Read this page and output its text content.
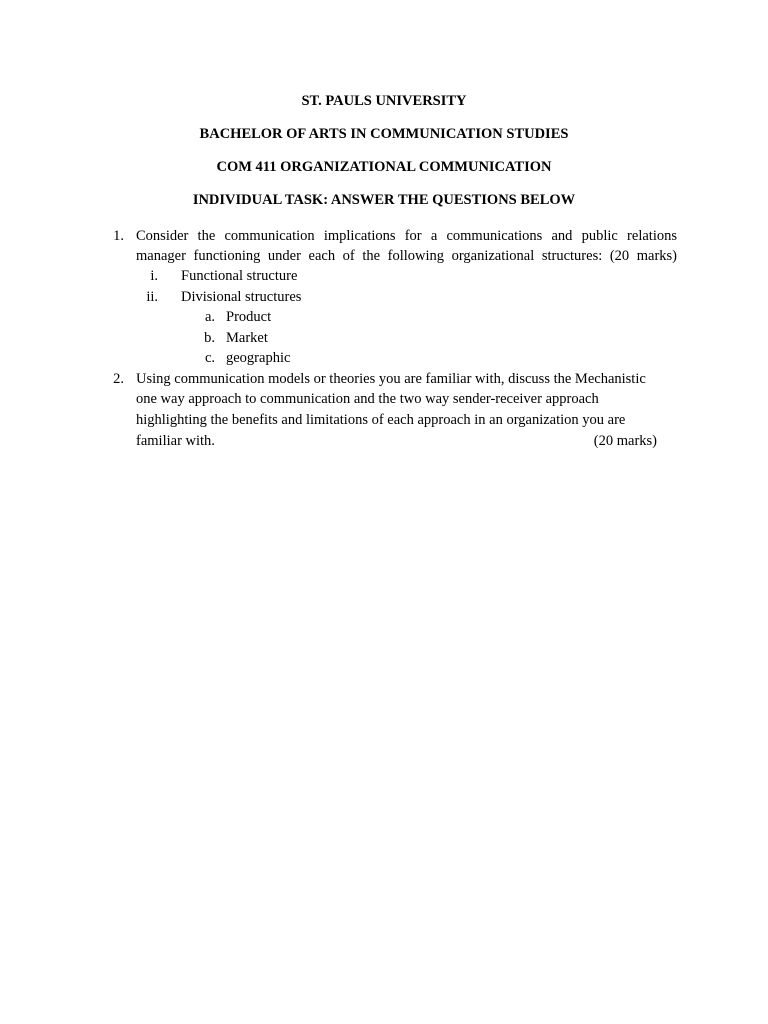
ST. PAULS UNIVERSITY
BACHELOR OF ARTS IN COMMUNICATION STUDIES
COM 411 ORGANIZATIONAL COMMUNICATION
INDIVIDUAL TASK: ANSWER THE QUESTIONS BELOW
1. Consider the communication implications for a communications and public relations
manager functioning under each of the following organizational structures: (20 marks)
i. Functional structure
ii. Divisional structures
a. Product
b. Market
c. geographic
2. Using communication models or theories you are familiar with, discuss the Mechanistic
one way approach to communication and the two way sender-receiver approach
highlighting the benefits and limitations of each approach in an organization you are
familiar with.	(20 marks)
